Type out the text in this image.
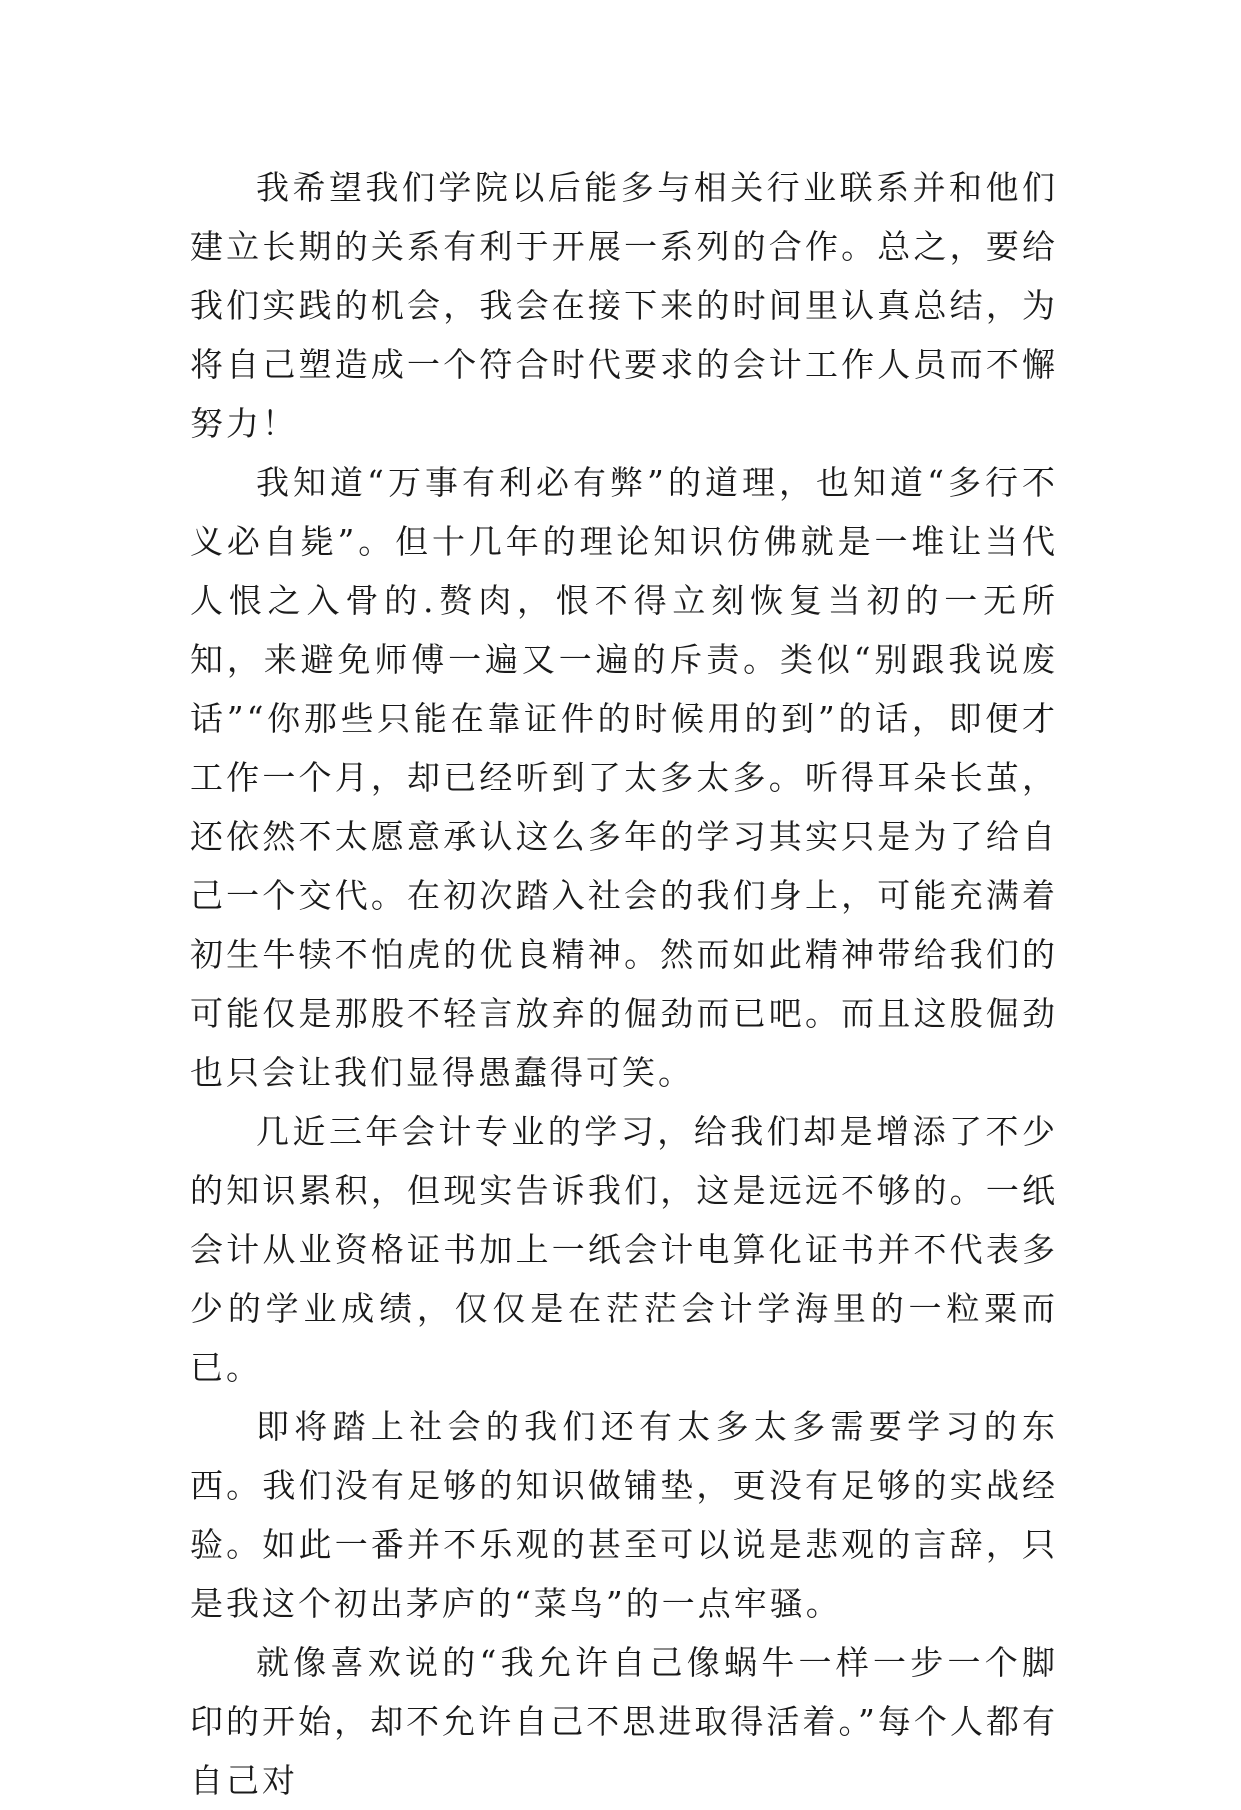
我希望我们学院以后能多与相关行业联系并和他们建立长期的关系有利于开展一系列的合作。总之，要给我们实践的机会，我会在接下来的时间里认真总结，为将自己塑造成一个符合时代要求的会计工作人员而不懈努力！

我知道“万事有利必有弊”的道理，也知道“多行不义必自毙”。但十几年的理论知识仿佛就是一堆让当代人恨之入骨的.赘肉，恨不得立刻恢复当初的一无所知，来避免师傅一遍又一遍的斥责。类似“别跟我说废话”“你那些只能在靠证件的时候用的到”的话，即便才工作一个月，却已经听到了太多太多。听得耳朵长茧，还依然不太愿意承认这么多年的学习其实只是为了给自己一个交代。在初次踏入社会的我们身上，可能充满着初生牛犊不怕虎的优良精神。然而如此精神带给我们的可能仅是那股不轻言放弃的倔劲而已吧。而且这股倔劲也只会让我们显得愚蠢得可笑。

几近三年会计专业的学习，给我们却是增添了不少的知识累积，但现实告诉我们，这是远远不够的。一纸会计从业资格证书加上一纸会计电算化证书并不代表多少的学业成绩，仅仅是在茫茫会计学海里的一粒粟而已。

即将踏上社会的我们还有太多太多需要学习的东西。我们没有足够的知识做铺垫，更没有足够的实战经验。如此一番并不乐观的甚至可以说是悲观的言辞，只是我这个初出茅庐的“菜鸟”的一点牢骚。

就像喜欢说的“我允许自己像蜗牛一样一步一个脚印的开始，却不允许自己不思进取得活着。”每个人都有自己对
